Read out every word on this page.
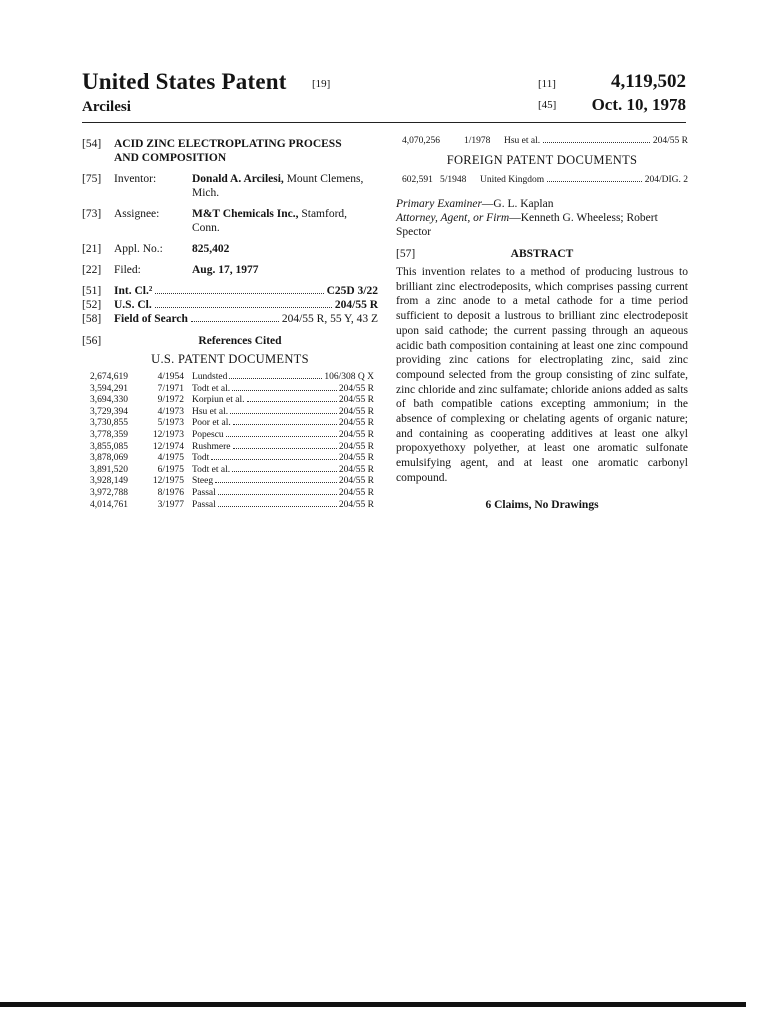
United States Patent [19]
Arcilesi
[11]	4,119,502
[45] Oct. 10, 1978
[54]	ACID ZINC ELECTROPLATING PROCESS
AND COMPOSITION
[75]	Inventor:	Donald A. Arcilesi, Mount Clemens,
Mich.
[73]	Assignee:	M&T Chemicals Inc., Stamford,
Conn.
[21]	Appl. No.:	825,402
[22]	Filed:	Aug. 17, 1977
[51]	Int. Cl.²	C25D 3/22
[52]	U.S. Cl.	204/55 R
[58]	Field of Search	204/55 R, 55 Y, 43 Z
[56]	References Cited
U.S. PATENT DOCUMENTS
2,674,619	4/1954	Lundsted 106/308 Q X

3,594,291	7/1971	Todt et al. 204/55 R

3,694,330	9/1972	Korpiun et al. 204/55 R

3,729,394	4/1973	Hsu et al. 204/55 R

3,730,855	5/1973	Poor et al. 204/55 R

3,778,359	12/1973	Popescu 204/55 R

3,855,085	12/1974	Rushmere 204/55 R

3,878,069	4/1975	Todt 204/55 R

3,891,520	6/1975	Todt et al. 204/55 R

3,928,149	12/1975	Steeg 204/55 R

3,972,788	8/1976	Passal 204/55 R

4,014,761	3/1977	Passal 204/55 R
4,070,256	1/1978	Hsu et al.	204/55 R
FOREIGN PATENT DOCUMENTS
602,591 5/1948	United Kingdom	204/DIG. 2
Primary Examiner—G. L. Kaplan
Attorney, Agent, or Firm—Kenneth G. Wheeless; Robert Spector
[57]	ABSTRACT
This invention relates to a method of producing lustrous to brilliant zinc electrodeposits, which comprises passing current from a zinc anode to a metal cathode for a time period sufficient to deposit a lustrous to brilliant zinc electrodeposit upon said cathode; the current passing through an aqueous acidic bath composition containing at least one zinc compound providing zinc cations for electroplating zinc, said zinc compound selected from the group consisting of zinc sulfate, zinc chloride and zinc sulfamate; chloride anions added as salts of bath compatible cations excepting ammonium; in the absence of complexing or chelating agents of organic nature; and containing as cooperating additives at least one alkyl propoxyethoxy polyether, at least one aromatic sulfonate emulsifying agent, and at least one aromatic carbonyl compound.
6 Claims, No Drawings
